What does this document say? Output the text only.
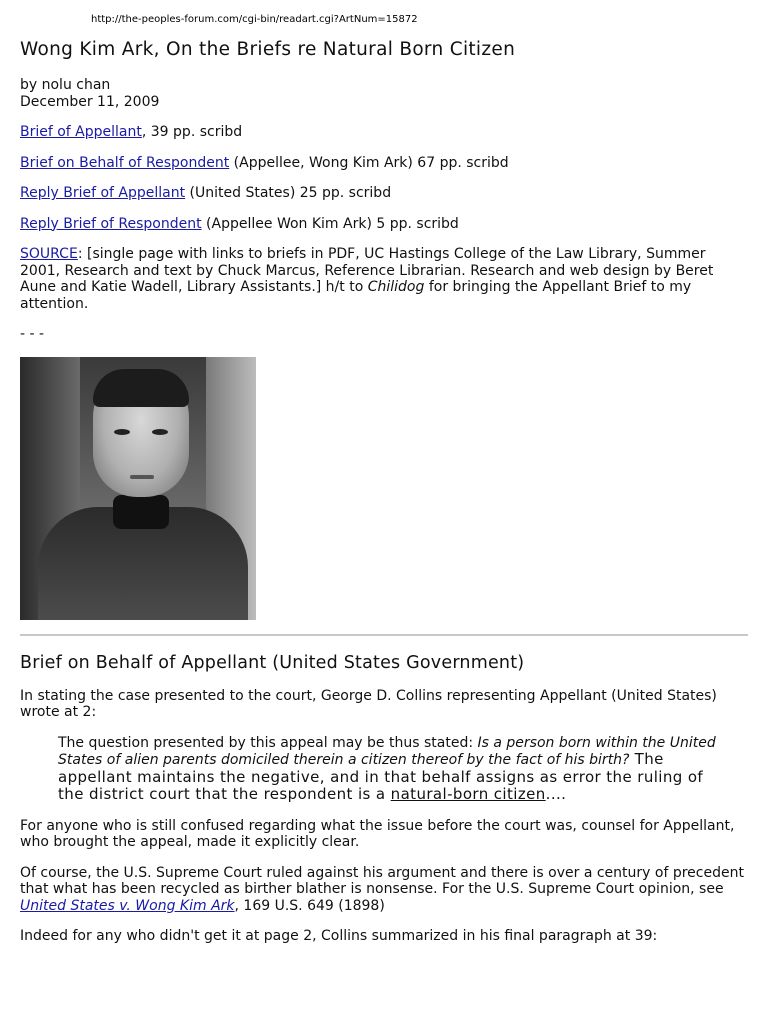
http://the-peoples-forum.com/cgi-bin/readart.cgi?ArtNum=15872
Wong Kim Ark, On the Briefs re Natural Born Citizen

by nolu chan
December 11, 2009

Brief of Appellant, 39 pp. scribd

Brief on Behalf of Respondent (Appellee, Wong Kim Ark) 67 pp. scribd

Reply Brief of Appellant (United States) 25 pp. scribd

Reply Brief of Respondent (Appellee Won Kim Ark) 5 pp. scribd

SOURCE: [single page with links to briefs in PDF, UC Hastings College of the Law Library, Summer 2001, Research and text by Chuck Marcus, Reference Librarian. Research and web design by Beret Aune and Katie Wadell, Library Assistants.] h/t to Chilidog for bringing the Appellant Brief to my attention.

- - -

Brief on Behalf of Appellant (United States Government)

In stating the case presented to the court, George D. Collins representing Appellant (United States) wrote at 2:

The question presented by this appeal may be thus stated: Is a person born within the United States of alien parents domiciled therein a citizen thereof by the fact of his birth? The appellant maintains the negative, and in that behalf assigns as error the ruling of the district court that the respondent is a natural-born citizen....

For anyone who is still confused regarding what the issue before the court was, counsel for Appellant, who brought the appeal, made it explicitly clear.

Of course, the U.S. Supreme Court ruled against his argument and there is over a century of precedent that what has been recycled as birther blather is nonsense. For the U.S. Supreme Court opinion, see United States v. Wong Kim Ark, 169 U.S. 649 (1898)

Indeed for any who didn't get it at page 2, Collins summarized in his final paragraph at 39:
